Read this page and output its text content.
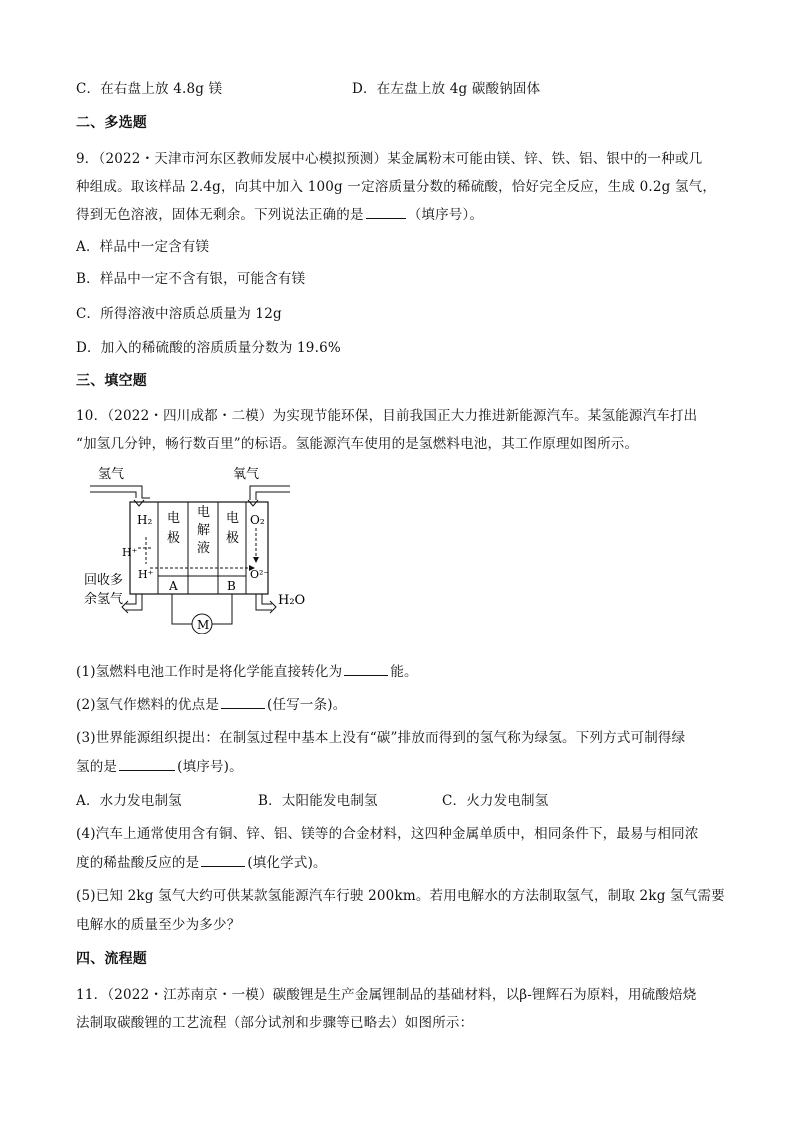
C．在右盘上放 4.8g 镁	D．在左盘上放 4g 碳酸钠固体
二、多选题
9．（2022・天津市河东区教师发展中心模拟预测）某金属粉末可能由镁、锌、铁、铝、银中的一种或几
种组成。取该样品 2.4g，向其中加入 100g 一定溶质量分数的稀硫酸，恰好完全反应，生成 0.2g 氢气，
得到无色溶液，固体无剩余。下列说法正确的是	（填序号）。
A．样品中一定含有镁
B．样品中一定不含有银，可能含有镁
C．所得溶液中溶质总质量为 12g
D．加入的稀硫酸的溶质质量分数为 19.6%
三、填空题
10．（2022・四川成都・二模）为实现节能环保，目前我国正大力推进新能源汽车。某氢能源汽车打出
“加氢几分钟，畅行数百里”的标语。氢能源汽车使用的是氢燃料电池，其工作原理如图所示。
氢气	氧气
H₂	O₂
H⁺
H⁺	O²⁻
电
极
电
解
液
电
极
A	B
回收多
余氢气	H₂O
M
(1)氢燃料电池工作时是将化学能直接转化为	能。
(2)氢气作燃料的优点是	(任写一条)。
(3)世界能源组织提出：在制氢过程中基本上没有“碳”排放而得到的氢气称为绿氢。下列方式可制得绿
氢的是	(填序号)。
A．水力发电制氢	B．太阳能发电制氢	C．火力发电制氢
(4)汽车上通常使用含有铜、锌、铝、镁等的合金材料，这四种金属单质中，相同条件下，最易与相同浓
度的稀盐酸反应的是	(填化学式)。
(5)已知 2kg 氢气大约可供某款氢能源汽车行驶 200km。若用电解水的方法制取氢气，制取 2kg 氢气需要
电解水的质量至少为多少？
四、流程题
11．（2022・江苏南京・一模）碳酸锂是生产金属锂制品的基础材料，以β-锂辉石为原料，用硫酸焙烧
法制取碳酸锂的工艺流程（部分试剂和步骤等已略去）如图所示：
